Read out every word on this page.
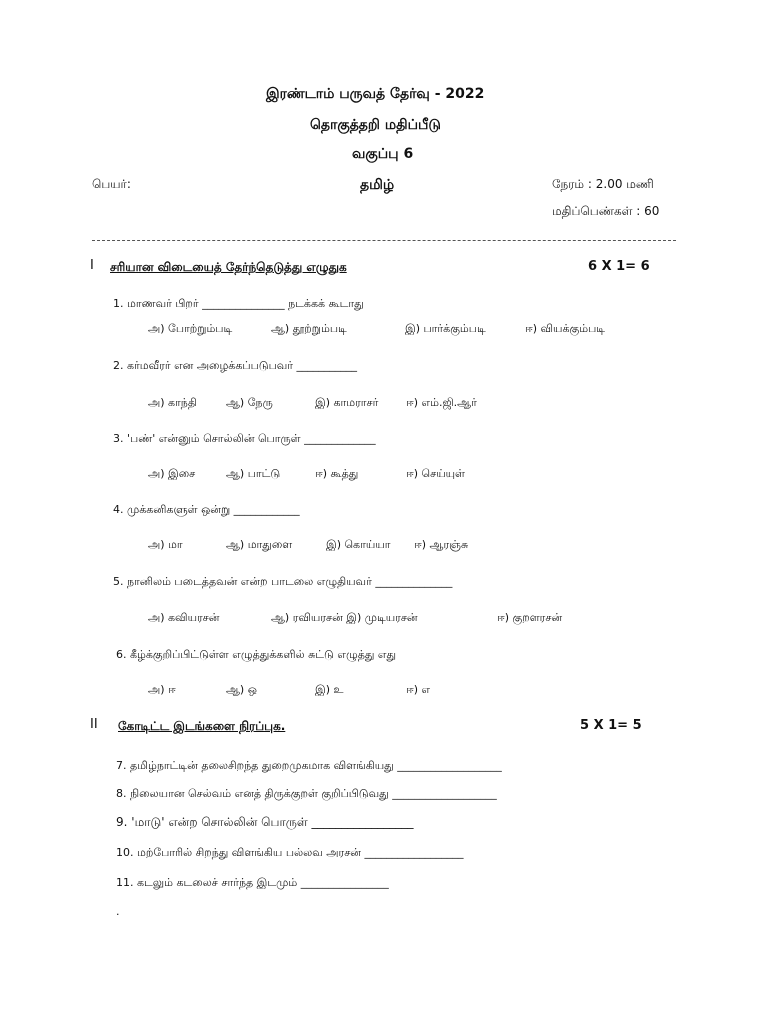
இரண்டாம் பருவத் தேர்வு - 2022
தொகுத்தறி மதிப்பீடு
வகுப்பு 6
பெயர்:	தமிழ்	நேரம் : 2.00 மணி
மதிப்பெண்கள் : 60
I சரியான விடையைத் தேர்ந்தெடுத்து எழுதுக	6 X 1= 6
1. மாணவர் பிறர் _______________ நடக்கக் கூடாது
அ) போற்றும்படி	ஆ) தூற்றும்படி	இ) பார்க்கும்படி	ஈ) வியக்கும்படி
2. கர்மவீரர் என அழைக்கப்படுபவர் ___________
அ) காந்தி	ஆ) நேரு	இ) காமராசர்	ஈ) எம்.ஜி.ஆர்
3. 'பண்' என்னும் சொல்லின் பொருள் _____________
அ) இசை	ஆ) பாட்டு	ஈ) கூத்து	ஈ) செய்யுள்
4. முக்கனிகளுள் ஒன்று ____________
அ) மா	ஆ) மாதுளை	இ) கொய்யா ஈ) ஆரஞ்சு
5. நானிலம் படைத்தவன் என்ற பாடலை எழுதியவர் ______________
அ) கவியரசன்	ஆ) ரவியரசன் இ) முடியரசன்	ஈ) குறளரசன்
6. கீழ்க்குறிப்பிட்டுள்ள எழுத்துக்களில் சுட்டு எழுத்து எது
அ) ஈ	ஆ) ஒ	இ) உ	ஈ) எ
II கோடிட்ட இடங்களை நிரப்புக.	5 X 1= 5
7. தமிழ்நாட்டின் தலைசிறந்த துறைமுகமாக விளங்கியது ___________________
8. நிலையான செல்வம் எனத் திருக்குறள் குறிப்பிடுவது ___________________
9. 'மாடு' என்ற சொல்லின் பொருள் _________________
10. மற்போரில் சிறந்து விளங்கிய பல்லவ அரசன் __________________
11. கடலும் கடலைச் சார்ந்த இடமும் ________________
.
